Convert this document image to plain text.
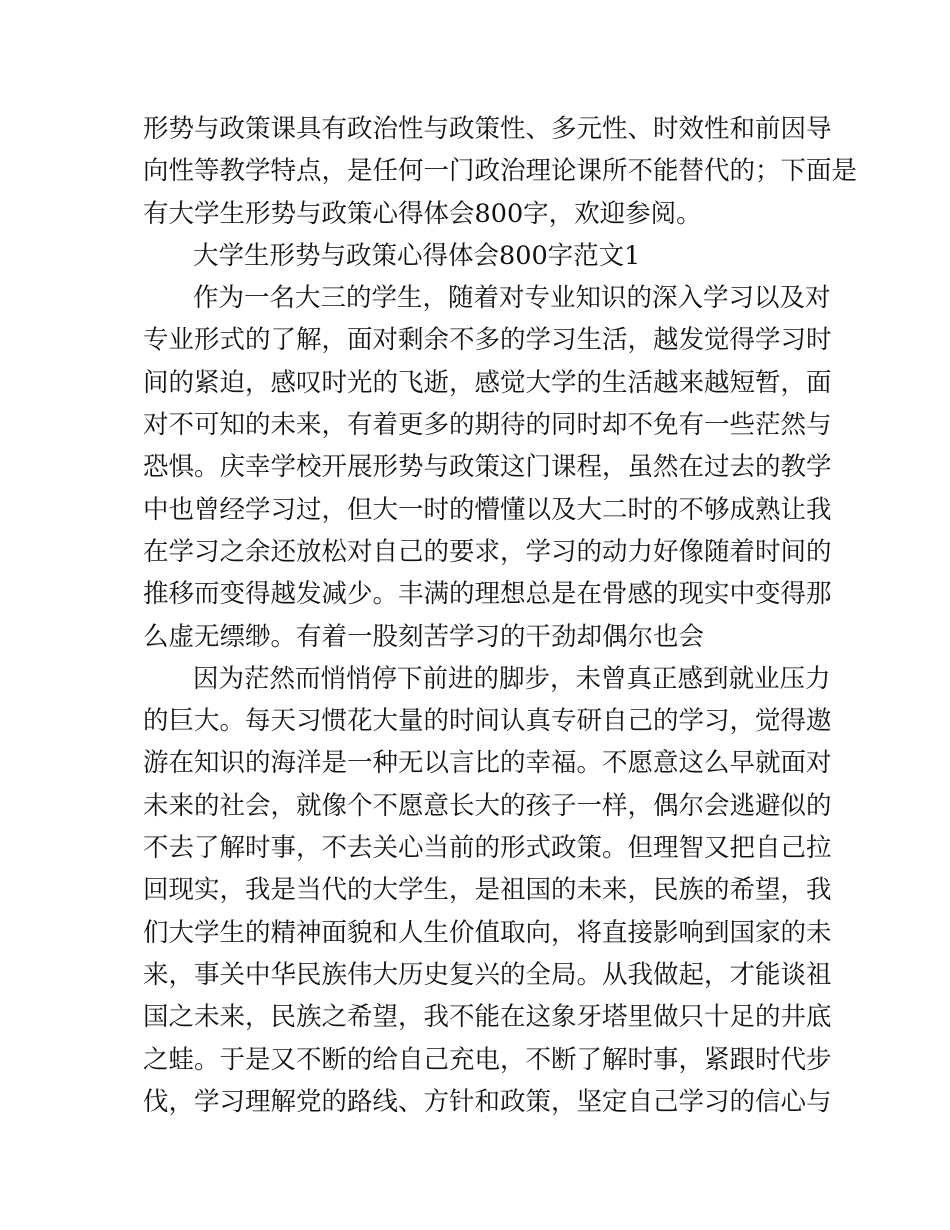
形势与政策课具有政治性与政策性、多元性、时效性和前因导
向性等教学特点，是任何一门政治理论课所不能替代的；下面是
有大学生形势与政策心得体会800字，欢迎参阅。
大学生形势与政策心得体会800字范文1
作为一名大三的学生，随着对专业知识的深入学习以及对
专业形式的了解，面对剩余不多的学习生活，越发觉得学习时
间的紧迫，感叹时光的飞逝，感觉大学的生活越来越短暂，面
对不可知的未来，有着更多的期待的同时却不免有一些茫然与
恐惧。庆幸学校开展形势与政策这门课程，虽然在过去的教学
中也曾经学习过，但大一时的懵懂以及大二时的不够成熟让我
在学习之余还放松对自己的要求，学习的动力好像随着时间的
推移而变得越发减少。丰满的理想总是在骨感的现实中变得那
么虚无缥缈。有着一股刻苦学习的干劲却偶尔也会
因为茫然而悄悄停下前进的脚步，未曾真正感到就业压力
的巨大。每天习惯花大量的时间认真专研自己的学习，觉得遨
游在知识的海洋是一种无以言比的幸福。不愿意这么早就面对
未来的社会，就像个不愿意长大的孩子一样，偶尔会逃避似的
不去了解时事，不去关心当前的形式政策。但理智又把自己拉
回现实，我是当代的大学生，是祖国的未来，民族的希望，我
们大学生的精神面貌和人生价值取向，将直接影响到国家的未
来，事关中华民族伟大历史复兴的全局。从我做起，才能谈祖
国之未来，民族之希望，我不能在这象牙塔里做只十足的井底
之蛙。于是又不断的给自己充电，不断了解时事，紧跟时代步
伐，学习理解党的路线、方针和政策，坚定自己学习的信心与
